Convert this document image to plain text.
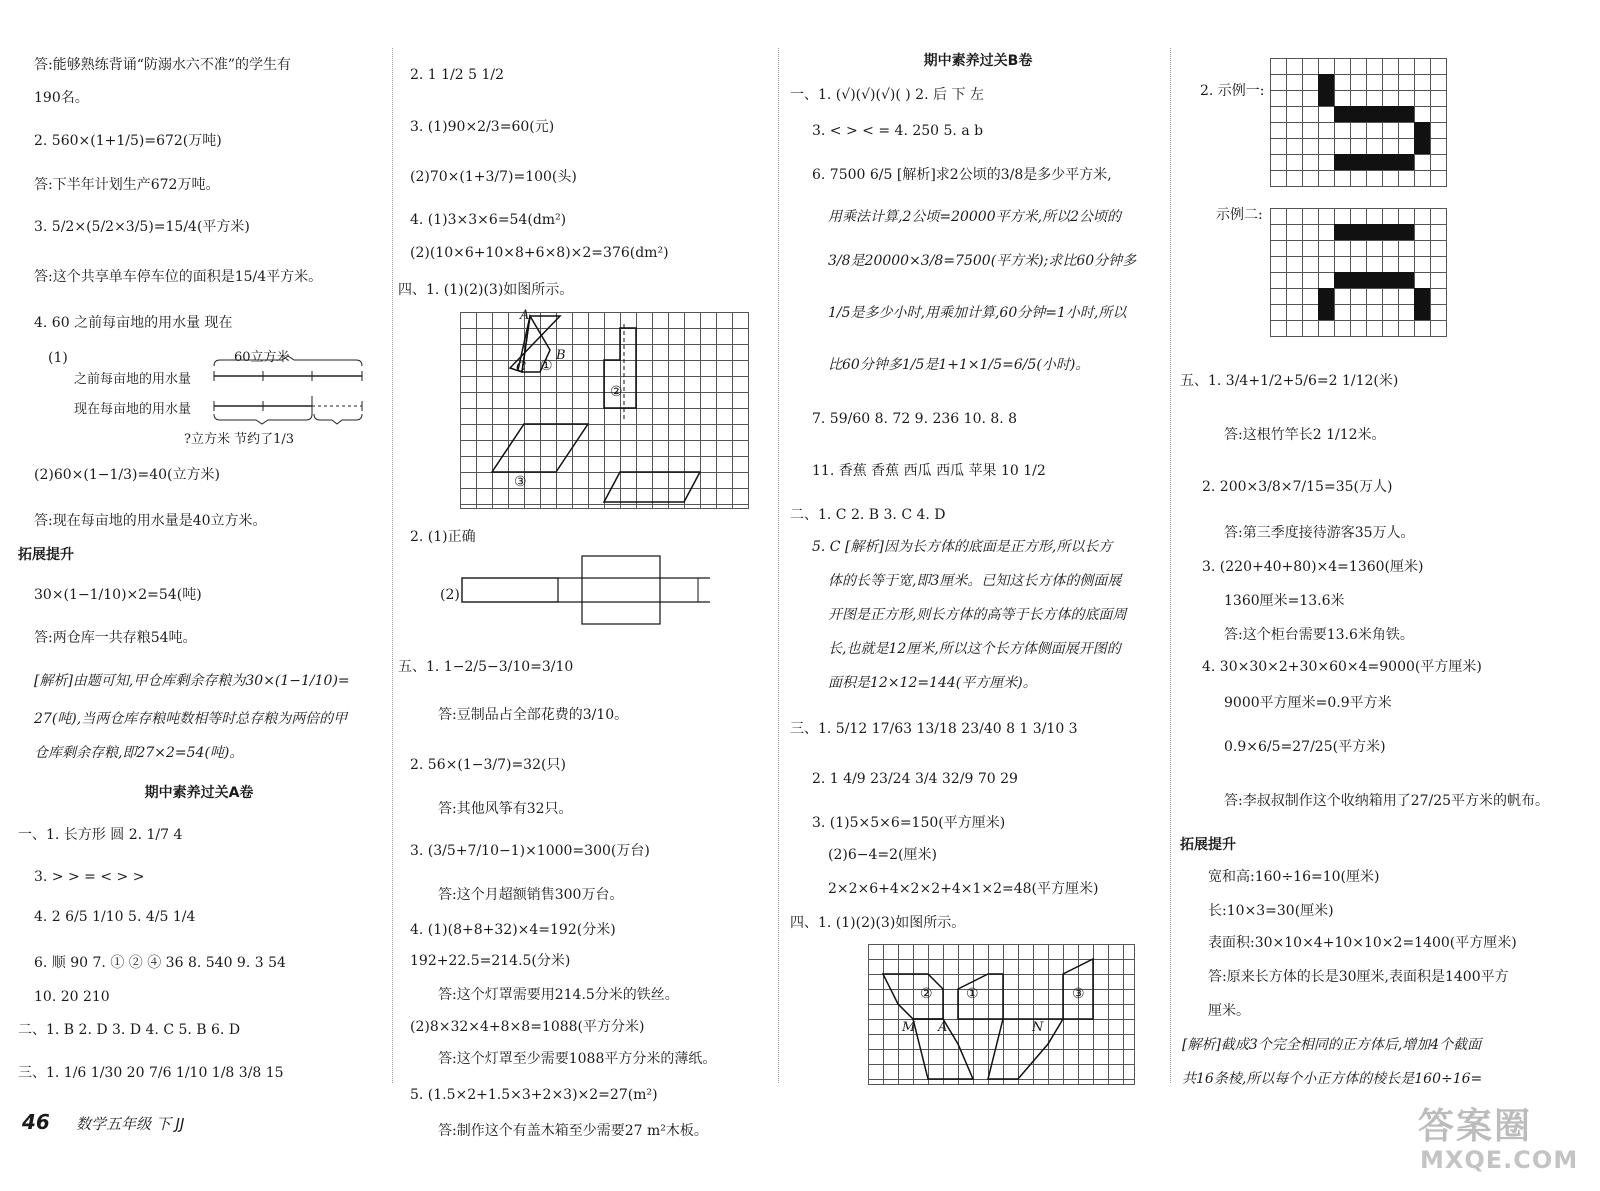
答:能够熟练背诵“防溺水六不准”的学生有
190名。
2. 560×(1+1/5)=672(万吨)
答:下半年计划生产672万吨。
3. 5/2×(5/2×3/5)=15/4(平方米)
答:这个共享单车停车位的面积是15/4平方米。
4. 60 之前每亩地的用水量 现在
(1)	60立方米
之前每亩地的用水量
现在每亩地的用水量
?立方米 节约了1/3
(2)60×(1−1/3)=40(立方米)
答:现在每亩地的用水量是40立方米。
拓展提升
30×(1−1/10)×2=54(吨)
答:两仓库一共存粮54吨。
[解析]由题可知,甲仓库剩余存粮为30×(1−1/10)=
27(吨),当两仓库存粮吨数相等时总存粮为两倍的甲
仓库剩余存粮,即27×2=54(吨)。
期中素养过关A卷
一、1. 长方形 圆 2. 1/7 4
3. > > = < > >
4. 2 6/5 1/10 5. 4/5 1/4
6. 顺 90 7. ① ② ④ 36 8. 540 9. 3 54
10. 20 210
二、1. B 2. D 3. D 4. C 5. B 6. D
三、1. 1/6 1/30 20 7/6 1/10 1/8 3/8 15
2. 1 1/2 5 1/2
3. (1)90×2/3=60(元)
(2)70×(1+3/7)=100(头)
4. (1)3×3×6=54(dm²)
(2)(10×6+10×8+6×8)×2=376(dm²)
四、1. (1)(2)(3)如图所示。
A
B
C ①
②
③
2. (1)正确
(2)
五、1. 1−2/5−3/10=3/10
答:豆制品占全部花费的3/10。
2. 56×(1−3/7)=32(只)
答:其他风筝有32只。
3. (3/5+7/10−1)×1000=300(万台)
答:这个月超额销售300万台。
4. (1)(8+8+32)×4=192(分米)
192+22.5=214.5(分米)
答:这个灯罩需要用214.5分米的铁丝。
(2)8×32×4+8×8=1088(平方分米)
答:这个灯罩至少需要1088平方分米的薄纸。
5. (1.5×2+1.5×3+2×3)×2=27(m²)
答:制作这个有盖木箱至少需要27 m²木板。
期中素养过关B卷
一、1. (√)(√)(√)( ) 2. 后 下 左
3. < > < = 4. 250 5. a b
6. 7500 6/5 [解析]求2公顷的3/8是多少平方米,
用乘法计算,2公顷=20000平方米,所以2公顷的
3/8是20000×3/8=7500(平方米);求比60分钟多
1/5是多少小时,用乘加计算,60分钟=1小时,所以
比60分钟多1/5是1+1×1/5=6/5(小时)。
7. 59/60 8. 72 9. 236 10. 8. 8
11. 香蕉 香蕉 西瓜 西瓜 苹果 10 1/2
二、1. C 2. B 3. C 4. D
5. C [解析]因为长方体的底面是正方形,所以长方
体的长等于宽,即3厘米。已知这长方体的侧面展
开图是正方形,则长方体的高等于长方体的底面周
长,也就是12厘米,所以这个长方体侧面展开图的
面积是12×12=144(平方厘米)。
三、1. 5/12 17/63 13/18 23/40 8 1 3/10 3
2. 1 4/9 23/24 3/4 32/9 70 29
3. (1)5×5×6=150(平方厘米)
(2)6−4=2(厘米)
2×2×6+4×2×2+4×1×2=48(平方厘米)
四、1. (1)(2)(3)如图所示。
② ①	③
M A	N
2. 示例一:
示例二:
五、1. 3/4+1/2+5/6=2 1/12(米)
答:这根竹竿长2 1/12米。
2. 200×3/8×7/15=35(万人)
答:第三季度接待游客35万人。
3. (220+40+80)×4=1360(厘米)
1360厘米=13.6米
答:这个柜台需要13.6米角铁。
4. 30×30×2+30×60×4=9000(平方厘米)
9000平方厘米=0.9平方米
0.9×6/5=27/25(平方米)
答:李叔叔制作这个收纳箱用了27/25平方米的帆布。
拓展提升
宽和高:160÷16=10(厘米)
长:10×3=30(厘米)
表面积:30×10×4+10×10×2=1400(平方厘米)
答:原来长方体的长是30厘米,表面积是1400平方
厘米。
[解析]截成3个完全相同的正方体后,增加4个截面
共16条棱,所以每个小正方体的棱长是160÷16=
46 数学五年级 下 JJ	答案圈
MXQE.COM
